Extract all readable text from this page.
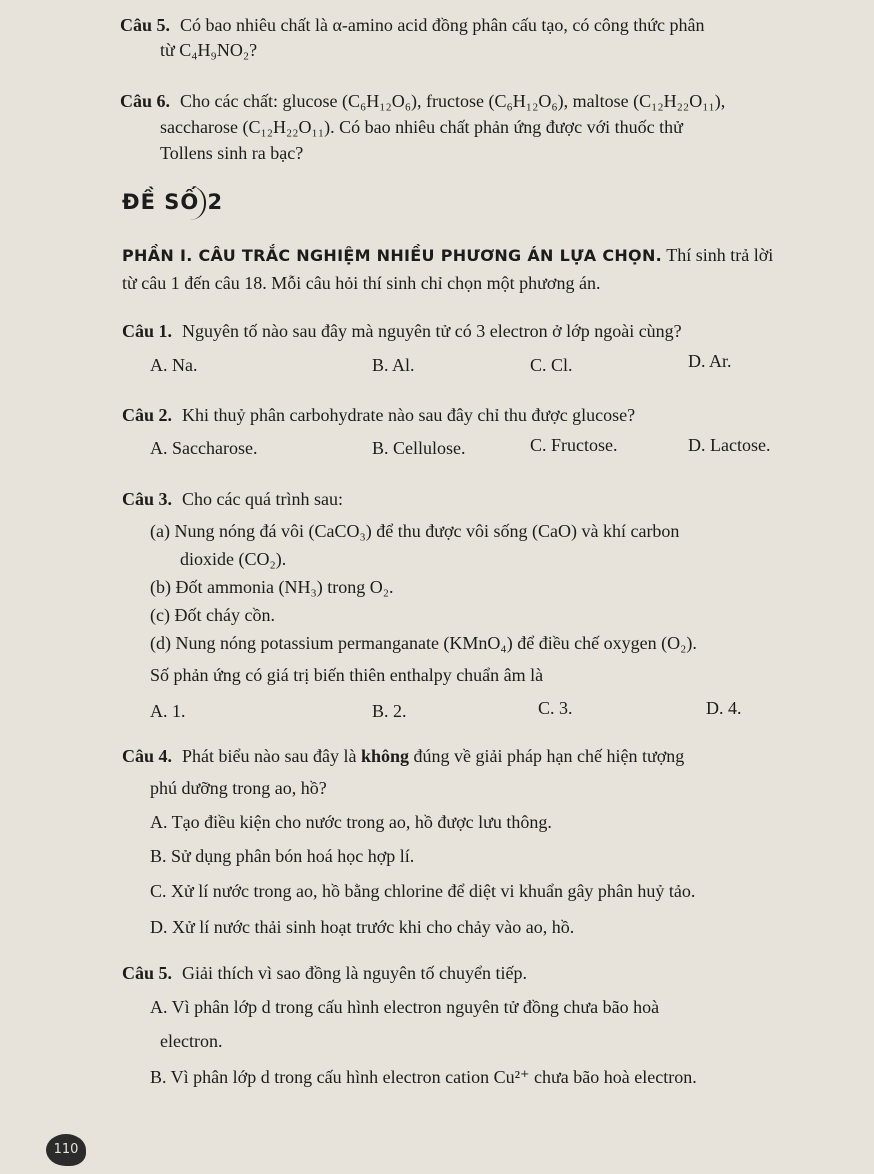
Câu 5. Có bao nhiêu chất là α-amino acid đồng phân cấu tạo, có công thức phân
từ C₄H₉NO₂?
Câu 6. Cho các chất: glucose (C₆H₁₂O₆), fructose (C₆H₁₂O₆), maltose (C₁₂H₂₂O₁₁),
saccharose (C₁₂H₂₂O₁₁). Có bao nhiêu chất phản ứng được với thuốc thử
Tollens sinh ra bạc?
ĐỀ SỐ 2
PHẦN I. CÂU TRẮC NGHIỆM NHIỀU PHƯƠNG ÁN LỰA CHỌN. Thí sinh trả lời
từ câu 1 đến câu 18. Mỗi câu hỏi thí sinh chỉ chọn một phương án.
Câu 1. Nguyên tố nào sau đây mà nguyên tử có 3 electron ở lớp ngoài cùng?
A. Na.	B. Al.	C. Cl.	D. Ar.
Câu 2. Khi thuỷ phân carbohydrate nào sau đây chỉ thu được glucose?
A. Saccharose.	B. Cellulose.	C. Fructose.	D. Lactose.
Câu 3. Cho các quá trình sau:
(a) Nung nóng đá vôi (CaCO₃) để thu được vôi sống (CaO) và khí carbon
dioxide (CO₂).
(b) Đốt ammonia (NH₃) trong O₂.
(c) Đốt cháy cồn.
(d) Nung nóng potassium permanganate (KMnO₄) để điều chế oxygen (O₂).
Số phản ứng có giá trị biến thiên enthalpy chuẩn âm là
A. 1.	B. 2.	C. 3.	D. 4.
Câu 4. Phát biểu nào sau đây là không đúng về giải pháp hạn chế hiện tượng
phú dưỡng trong ao, hồ?
A. Tạo điều kiện cho nước trong ao, hồ được lưu thông.
B. Sử dụng phân bón hoá học hợp lí.
C. Xử lí nước trong ao, hồ bằng chlorine để diệt vi khuẩn gây phân huỷ tảo.
D. Xử lí nước thải sinh hoạt trước khi cho chảy vào ao, hồ.
Câu 5. Giải thích vì sao đồng là nguyên tố chuyển tiếp.
A. Vì phân lớp d trong cấu hình electron nguyên tử đồng chưa bão hoà
electron.
B. Vì phân lớp d trong cấu hình electron cation Cu²⁺ chưa bão hoà electron.
110
